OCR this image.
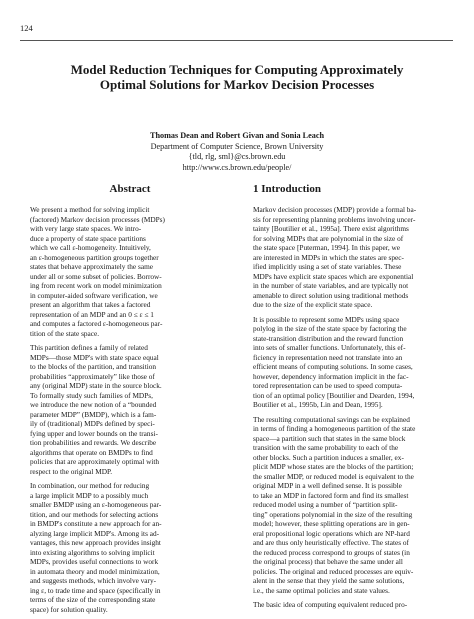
124
Model Reduction Techniques for Computing Approximately
Optimal Solutions for Markov Decision Processes
Thomas Dean and Robert Givan and Sonia Leach
Department of Computer Science, Brown University
{tld, rlg, sml}@cs.brown.edu
http://www.cs.brown.edu/people/
Abstract
We present a method for solving implicit
(factored) Markov decision processes (MDPs)
with very large state spaces. We intro-
duce a property of state space partitions
which we call ε-homogeneity. Intuitively,
an ε-homogeneous partition groups together
states that behave approximately the same
under all or some subset of policies. Borrow-
ing from recent work on model minimization
in computer-aided software verification, we
present an algorithm that takes a factored
representation of an MDP and an 0 ≤ ε ≤ 1
and computes a factored ε-homogeneous par-
tition of the state space.
This partition defines a family of related
MDPs—those MDP's with state space equal
to the blocks of the partition, and transition
probabilities “approximately” like those of
any (original MDP) state in the source block.
To formally study such families of MDPs,
we introduce the new notion of a “bounded
parameter MDP” (BMDP), which is a fam-
ily of (traditional) MDPs defined by speci-
fying upper and lower bounds on the transi-
tion probabilities and rewards. We describe
algorithms that operate on BMDPs to find
policies that are approximately optimal with
respect to the original MDP.
In combination, our method for reducing
a large implicit MDP to a possibly much
smaller BMDP using an ε-homogeneous par-
tition, and our methods for selecting actions
in BMDP's constitute a new approach for an-
alyzing large implicit MDP's. Among its ad-
vantages, this new approach provides insight
into existing algorithms to solving implicit
MDPs, provides useful connections to work
in automata theory and model minimization,
and suggests methods, which involve vary-
ing ε, to trade time and space (specifically in
terms of the size of the corresponding state
space) for solution quality.
1 Introduction
Markov decision processes (MDP) provide a formal ba-
sis for representing planning problems involving uncer-
tainty [Boutilier et al., 1995a]. There exist algorithms
for solving MDPs that are polynomial in the size of
the state space [Puterman, 1994]. In this paper, we
are interested in MDPs in which the states are spec-
ified implicitly using a set of state variables. These
MDPs have explicit state spaces which are exponential
in the number of state variables, and are typically not
amenable to direct solution using traditional methods
due to the size of the explicit state space.
It is possible to represent some MDPs using space
polylog in the size of the state space by factoring the
state-transition distribution and the reward function
into sets of smaller functions. Unfortunately, this ef-
ficiency in representation need not translate into an
efficient means of computing solutions. In some cases,
however, dependency information implicit in the fac-
tored representation can be used to speed computa-
tion of an optimal policy [Boutilier and Dearden, 1994,
Boutilier et al., 1995b, Lin and Dean, 1995].
The resulting computational savings can be explained
in terms of finding a homogeneous partition of the state
space—a partition such that states in the same block
transition with the same probability to each of the
other blocks. Such a partition induces a smaller, ex-
plicit MDP whose states are the blocks of the partition;
the smaller MDP, or reduced model is equivalent to the
original MDP in a well defined sense. It is possible
to take an MDP in factored form and find its smallest
reduced model using a number of “partition split-
ting” operations polynomial in the size of the resulting
model; however, these splitting operations are in gen-
eral propositional logic operations which are NP-hard
and are thus only heuristically effective. The states of
the reduced process correspond to groups of states (in
the original process) that behave the same under all
policies. The original and reduced processes are equiv-
alent in the sense that they yield the same solutions,
i.e., the same optimal policies and state values.
The basic idea of computing equivalent reduced pro-
